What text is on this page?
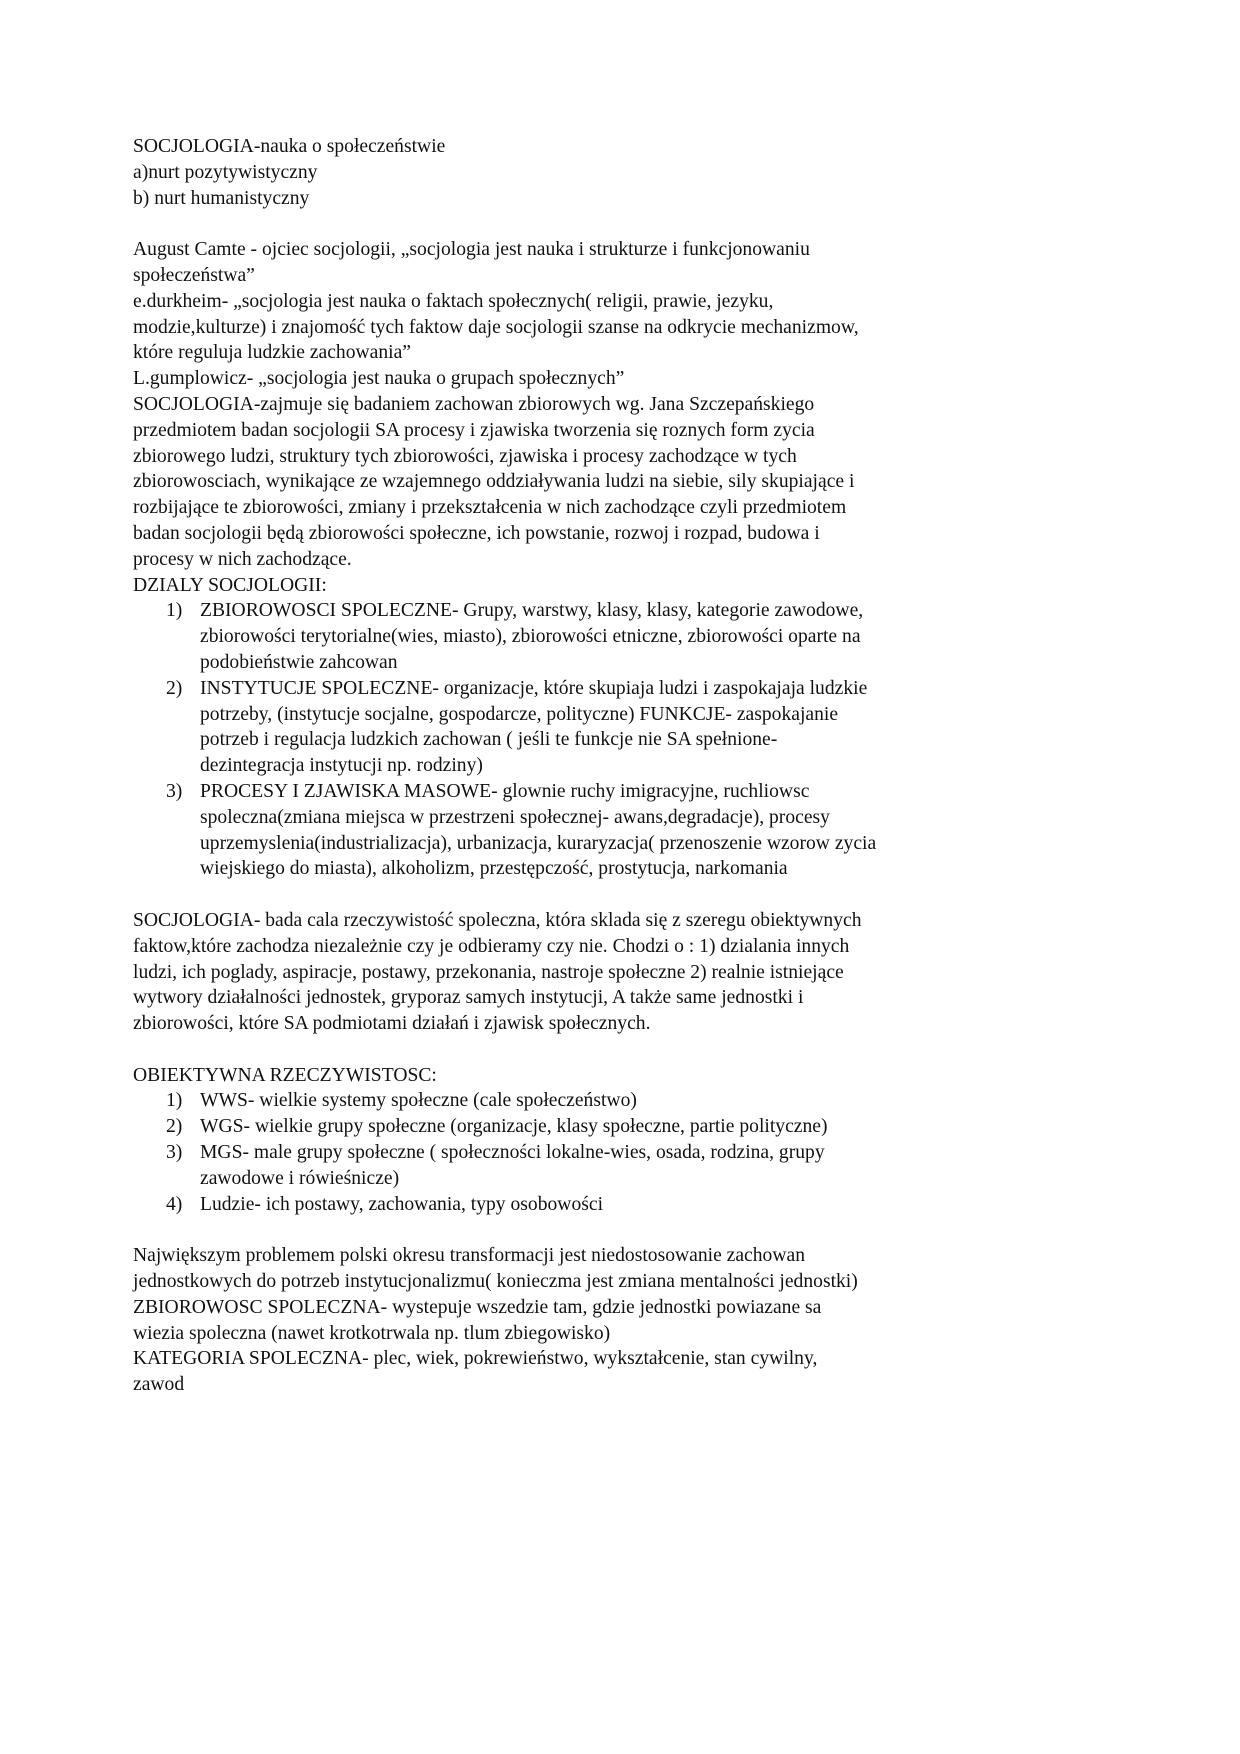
SOCJOLOGIA-nauka o społeczeństwie
a)nurt pozytywistyczny
b) nurt humanistyczny
August Camte - ojciec socjologii, „socjologia jest nauka i strukturze i funkcjonowaniu
społeczeństwa”
e.durkheim- „socjologia jest nauka o faktach społecznych( religii, prawie, jezyku,
modzie,kulturze) i znajomość tych faktow daje socjologii szanse na odkrycie mechanizmow,
które reguluja ludzkie zachowania”
L.gumplowicz- „socjologia jest nauka o grupach społecznych”
SOCJOLOGIA-zajmuje się badaniem zachowan zbiorowych wg. Jana Szczepańskiego
przedmiotem badan socjologii SA procesy i zjawiska tworzenia się roznych form zycia
zbiorowego ludzi, struktury tych zbiorowości, zjawiska i procesy zachodzące w tych
zbiorowosciach, wynikające ze wzajemnego oddziaływania ludzi na siebie, sily skupiające i
rozbijające te zbiorowości, zmiany i przekształcenia w nich zachodzące czyli przedmiotem
badan socjologii będą zbiorowości społeczne, ich powstanie, rozwoj i rozpad, budowa i
procesy w nich zachodzące.
DZIALY SOCJOLOGII:
1) ZBIOROWOSCI SPOLECZNE- Grupy, warstwy, klasy, klasy, kategorie zawodowe,
zbiorowości terytorialne(wies, miasto), zbiorowości etniczne, zbiorowości oparte na
podobieństwie zahcowan
2) INSTYTUCJE SPOLECZNE- organizacje, które skupiaja ludzi i zaspokajaja ludzkie
potrzeby, (instytucje socjalne, gospodarcze, polityczne) FUNKCJE- zaspokajanie
potrzeb i regulacja ludzkich zachowan ( jeśli te funkcje nie SA spełnione-
dezintegracja instytucji np. rodziny)
3) PROCESY I ZJAWISKA MASOWE- glownie ruchy imigracyjne, ruchliowsc
spoleczna(zmiana miejsca w przestrzeni społecznej- awans,degradacje), procesy
uprzemyslenia(industrializacja), urbanizacja, kuraryzacja( przenoszenie wzorow zycia
wiejskiego do miasta), alkoholizm, przestępczość, prostytucja, narkomania
SOCJOLOGIA- bada cala rzeczywistość spoleczna, która sklada się z szeregu obiektywnych
faktow,które zachodza niezależnie czy je odbieramy czy nie. Chodzi o : 1) dzialania innych
ludzi, ich poglady, aspiracje, postawy, przekonania, nastroje społeczne 2) realnie istniejące
wytwory działalności jednostek, gryporaz samych instytucji, A także same jednostki i
zbiorowości, które SA podmiotami działań i zjawisk społecznych.
OBIEKTYWNA RZECZYWISTOSC:
1) WWS- wielkie systemy społeczne (cale społeczeństwo)
2) WGS- wielkie grupy społeczne (organizacje, klasy społeczne, partie polityczne)
3) MGS- male grupy społeczne ( społeczności lokalne-wies, osada, rodzina, grupy
zawodowe i rówieśnicze)
4) Ludzie- ich postawy, zachowania, typy osobowości
Największym problemem polski okresu transformacji jest niedostosowanie zachowan
jednostkowych do potrzeb instytucjonalizmu( konieczma jest zmiana mentalności jednostki)
ZBIOROWOSC SPOLECZNA- wystepuje wszedzie tam, gdzie jednostki powiazane sa
wiezia spoleczna (nawet krotkotrwala np. tlum zbiegowisko)
KATEGORIA SPOLECZNA- plec, wiek, pokrewieństwo, wykształcenie, stan cywilny,
zawod
